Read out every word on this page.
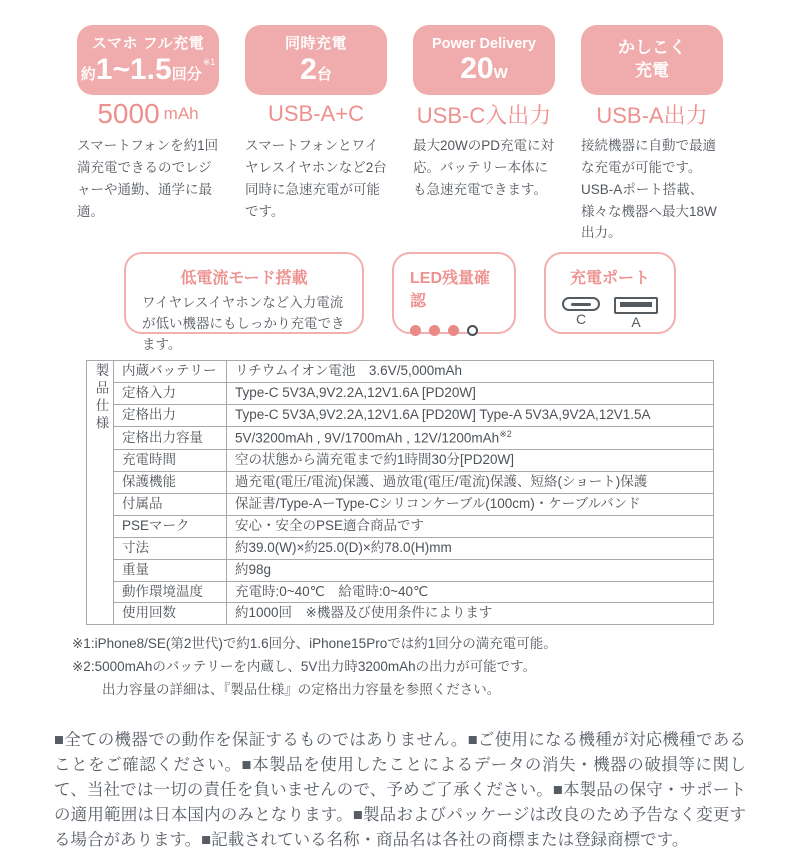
スマホ フル充電
約1~1.5回分$^{※1}$
5000 mAh

スマートフォンを約1回満充電できるのでレジャーや通勤、通学に最適。

同時充電
2台
USB-A+C

スマートフォンとワイヤレスイヤホンなど2台同時に急速充電が可能です。

Power Delivery
20W
USB-C入出力

最大20WのPD充電に対応。バッテリー本体にも急速充電できます。

かしこく
充電
USB-A出力

接続機器に自動で最適な充電が可能です。USB-Aポート搭載、様々な機器へ最大18W出力。

低電流モード搭載

ワイヤレスイヤホンなど入力電流が低い機器にもしっかり充電できます。

LED残量確認
充電ポート
C	A
製品仕様	内蔵バッテリー	リチウムイオン電池　3.6V/5,000mAh
	定格入力	Type-C 5V3A,9V2.2A,12V1.6A [PD20W]
	定格出力	Type-C 5V3A,9V2.2A,12V1.6A [PD20W] Type-A 5V3A,9V2A,12V1.5A
	定格出力容量	5V/3200mAh , 9V/1700mAh , 12V/1200mAh$^{※2}$
	充電時間	空の状態から満充電まで約1時間30分[PD20W]
	保護機能	過充電(電圧/電流)保護、過放電(電圧/電流)保護、短絡(ショート)保護
	付属品	保証書/Type-AーType-Cシリコンケーブル(100cm)・ケーブルバンド
	PSEマーク	安心・安全のPSE適合商品です
	寸法	約39.0(W)×約25.0(D)×約78.0(H)mm
	重量	約98g
	動作環境温度	充電時:0~40℃　給電時:0~40℃
	使用回数	約1000回　※機器及び使用条件によります
※1:iPhone8/SE(第2世代)で約1.6回分、iPhone15Proでは約1回分の満充電可能。
※2:5000mAhのバッテリーを内蔵し、5V出力時3200mAhの出力が可能です。
出力容量の詳細は、『製品仕様』の定格出力容量を参照ください。

■全ての機器での動作を保証するものではありません。■ご使用になる機種が対応機種であることをご確認ください。■本製品を使用したことによるデータの消失・機器の破損等に関して、当社では一切の責任を負いませんので、予めご了承ください。■本製品の保守・サポートの適用範囲は日本国内のみとなります。■製品およびパッケージは改良のため予告なく変更する場合があります。■記載されている名称・商品名は各社の商標または登録商標です。
